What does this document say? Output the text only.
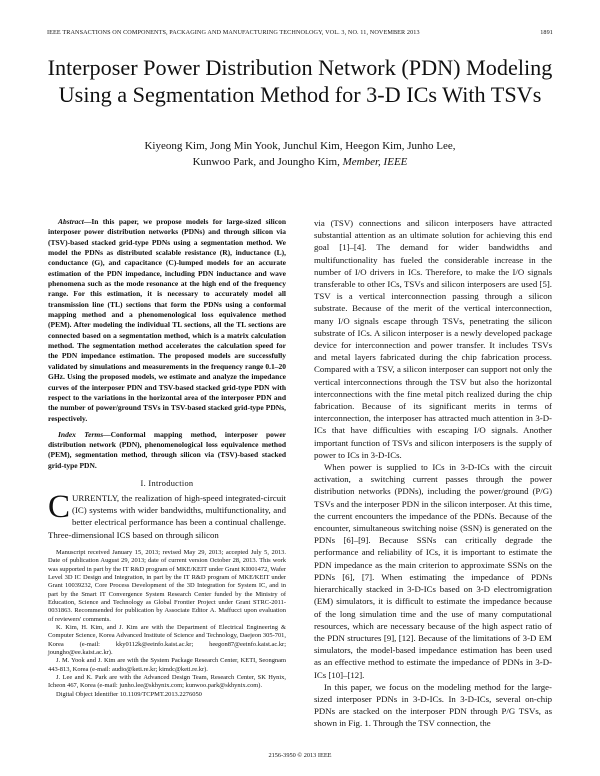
IEEE TRANSACTIONS ON COMPONENTS, PACKAGING AND MANUFACTURING TECHNOLOGY, VOL. 3, NO. 11, NOVEMBER 2013	1891
Interposer Power Distribution Network (PDN) Modeling Using a Segmentation Method for 3-D ICs With TSVs
Kiyeong Kim, Jong Min Yook, Junchul Kim, Heegon Kim, Junho Lee,
Kunwoo Park, and Joungho Kim, Member, IEEE

Abstract—In this paper, we propose models for large-sized silicon interposer power distribution networks (PDNs) and through silicon via (TSV)-based stacked grid-type PDNs using a segmentation method. We model the PDNs as distributed scalable resistance (R), inductance (L), conductance (G), and capacitance (C)-lumped models for an accurate estimation of the PDN impedance, including PDN inductance and wave phenomena such as the mode resonance at the high end of the frequency range. For this estimation, it is necessary to accurately model all transmission line (TL) sections that form the PDNs using a conformal mapping method and a phenomenological loss equivalence method (PEM). After modeling the individual TL sections, all the TL sections are connected based on a segmentation method, which is a matrix calculation method. The segmentation method accelerates the calculation speed for the PDN impedance estimation. The proposed models are successfully validated by simulations and measurements in the frequency range 0.1–20 GHz. Using the proposed models, we estimate and analyze the impedance curves of the interposer PDN and TSV-based stacked grid-type PDN with respect to the variations in the horizontal area of the interposer PDN and the number of power/ground TSVs in TSV-based stacked grid-type PDNs, respectively.

Index Terms—Conformal mapping method, interposer power distribution network (PDN), phenomenological loss equivalence method (PEM), segmentation method, through silicon via (TSV)-based stacked grid-type PDN.

I. Introduction

CURRENTLY, the realization of high-speed integrated-circuit (IC) systems with wider bandwidths, multifunctionality, and better electrical performance has been a continual challenge. Three-dimensional ICS based on through silicon

Manuscript received January 15, 2013; revised May 29, 2013; accepted July 5, 2013. Date of publication August 29, 2013; date of current version October 28, 2013. This work was supported in part by the IT R&D program of MKE/KEIT under Grant KI001472, Wafer Level 3D IC Design and Integration, in part by the IT R&D program of MKE/KEIT under Grant 10039232, Core Process Development of the 3D Integration for System IC, and in part by the Smart IT Convergence System Research Center funded by the Ministry of Education, Science and Technology as Global Frontier Project under Grant STRC-2011-0031863. Recommended for publication by Associate Editor A. Maffucci upon evaluation of reviewers' comments.

K. Kim, H. Kim, and J. Kim are with the Department of Electrical Engineering & Computer Science, Korea Advanced Institute of Science and Technology, Daejeon 305-701, Korea (e-mail: kky0112k@eeinfo.kaist.ac.kr; heegon87@eeinfo.kaist.ac.kr; joungho@ee.kaist.ac.kr).

J. M. Yook and J. Kim are with the System Package Research Center, KETI, Seongnam 443-813, Korea (e-mail: audio@keti.re.kr; kimdc@keti.re.kr).

J. Lee and K. Park are with the Advanced Design Team, Research Center, SK Hynix, Icheon 467, Korea (e-mail: junho.lee@skhynix.com; kunwoo.park@skhynix.com).

Digital Object Identifier 10.1109/TCPMT.2013.2276050

via (TSV) connections and silicon interposers have attracted substantial attention as an ultimate solution for achieving this end goal [1]–[4]. The demand for wider bandwidths and multifunctionality has fueled the considerable increase in the number of I/O drivers in ICs. Therefore, to make the I/O signals transferable to other ICs, TSVs and silicon interposers are used [5]. TSV is a vertical interconnection passing through a silicon substrate. Because of the merit of the vertical interconnection, many I/O signals escape through TSVs, penetrating the silicon substrate of ICs. A silicon interposer is a newly developed package device for interconnection and power transfer. It includes TSVs and metal layers fabricated during the chip fabrication process. Compared with a TSV, a silicon interposer can support not only the vertical interconnections through the TSV but also the horizontal interconnections with the fine metal pitch realized during the chip fabrication. Because of its significant merits in terms of interconnection, the interposer has attracted much attention in 3-D-ICs that have difficulties with escaping I/O signals. Another important function of TSVs and silicon interposers is the supply of power to ICs in 3-D-ICs.

When power is supplied to ICs in 3-D-ICs with the circuit activation, a switching current passes through the power distribution networks (PDNs), including the power/ground (P/G) TSVs and the interposer PDN in the silicon interposer. At this time, the current encounters the impedance of the PDNs. Because of the encounter, simultaneous switching noise (SSN) is generated on the PDNs [6]–[9]. Because SSNs can critically degrade the performance and reliability of ICs, it is important to estimate the PDN impedance as the main criterion to approximate SSNs on the PDNs [6], [7]. When estimating the impedance of PDNs hierarchically stacked in 3-D-ICs based on 3-D electromigration (EM) simulators, it is difficult to estimate the impedance because of the long simulation time and the use of many computational resources, which are necessary because of the high aspect ratio of the PDN structures [9], [12]. Because of the limitations of 3-D EM simulators, the model-based impedance estimation has been used as an effective method to estimate the impedance of PDNs in 3-D-ICs [10]–[12].

In this paper, we focus on the modeling method for the large-sized interposer PDNs in 3-D-ICs. In 3-D-ICs, several on-chip PDNs are stacked on the interposer PDN through P/G TSVs, as shown in Fig. 1. Through the TSV connection, the

2156-3950 © 2013 IEEE
